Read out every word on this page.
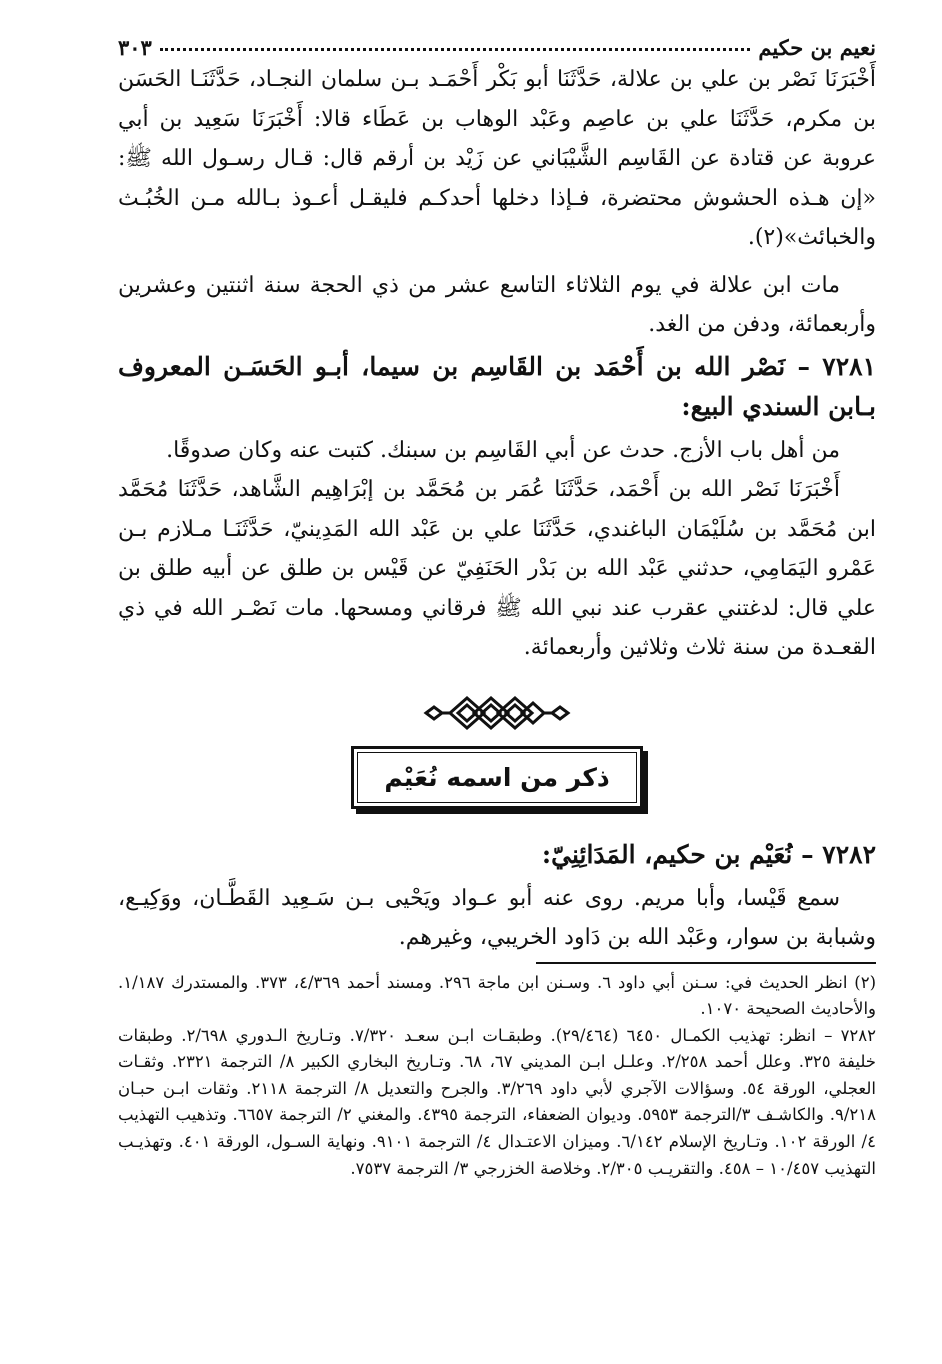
نعيم بن حكيم
٣٠٣

أَخْبَرَنَا نَصْر بن علي بن علالة، حَدَّثَنَا أبو بَكْر أَحْمَـد بـن سلمان النجـاد، حَدَّثَنَـا الحَسَن بن مكرم، حَدَّثَنَا علي بن عاصِم وعَبْد الوهاب بن عَطَاء قالا: أَخْبَرَنَا سَعِيد بن أبي عروبة عن قتادة عن القَاسِم الشَّيْبَاني عن زَيْد بن أرقم قال: قـال رسـول الله ﷺ: «إن هـذه الحشوش محتضرة، فـإذا دخلها أحدكـم فليقـل أعـوذ بـالله مـن الخُبُـث والخبائث»(٢).

مات ابن علالة في يوم الثلاثاء التاسع عشر من ذي الحجة سنة اثنتين وعشرين وأربعمائة، ودفن من الغد.

٧٢٨١ – نَصْر الله بن أَحْمَد بن القَاسِم بن سيما، أبـو الحَسَـن المعروف بـابن السندي البيع:

من أهل باب الأزج. حدث عن أبي القَاسِم بن سبنك. كتبت عنه وكان صدوقًا.

أَخْبَرَنَا نَصْر الله بن أَحْمَد، حَدَّثَنَا عُمَر بن مُحَمَّد بن إبْرَاهِيم الشَّاهد، حَدَّثَنَا مُحَمَّد ابن مُحَمَّد بن سُلَيْمَان الباغندي، حَدَّثَنَا علي بن عَبْد الله المَدِينيّ، حَدَّثَنَـا مـلازم بـن عَمْرو اليَمَامِي، حدثني عَبْد الله بن بَدْر الحَنَفِيّ عن قَيْس بن طلق عن أبيه طلق بن علي قال: لدغتني عقرب عند نبي الله ﷺ فرقاني ومسحها. مات نَصْـر الله في ذي القعـدة من سنة ثلاث وثلاثين وأربعمائة.

ذكر من اسمه نُعَيْم

٧٢٨٢ – نُعَيْم بن حكيم، المَدَائِنِيّ:

سمع قَيْسا، وأبا مريم. روى عنه أبو عـواد ويَحْيى بـن سَـعِيد القَطَّـان، ووَكِيـع، وشبابة بن سوار، وعَبْد الله بن دَاود الخريبي، وغيرهم.

(٢) انظر الحديث في: سـنن أبي داود ٦. وسـنن ابن ماجة ٢٩٦. ومسند أحمد ٤/٣٦٩، ٣٧٣. والمستدرك ١/١٨٧. والأحاديث الصحيحة ١٠٧٠.

٧٢٨٢ – انظر: تهذيب الكمـال ٦٤٥٠ (٢٩/٤٦٤). وطبقـات ابـن سعـد ٧/٣٢٠. وتـاريخ الـدوري ٢/٦٩٨. وطبقات خليفة ٣٢٥. وعلل أحمد ٢/٢٥٨. وعلـل ابـن المديني ٦٧، ٦٨. وتـاريخ البخاري الكبير ٨/ الترجمة ٢٣٢١. وثقـات العجلي، الورقة ٥٤. وسؤالات الآجري لأبي داود ٣/٢٦٩. والجرح والتعديل ٨/ الترجمة ٢١١٨. وثقات ابـن حبـان ٩/٢١٨. والكاشـف ٣/الترجمة ٥٩٥٣. وديوان الضعفاء، الترجمة ٤٣٩٥. والمغني ٢/ الترجمة ٦٦٥٧. وتذهيب التهذيب ٤/ الورقة ١٠٢. وتـاريخ الإسلام ٦/١٤٢. وميزان الاعتـدال ٤/ الترجمة ٩١٠١. ونهاية السـول، الورقة ٤٠١. وتهذيـب التهذيب ١٠/٤٥٧ – ٤٥٨. والتقريـب ٢/٣٠٥. وخلاصة الخزرجي ٣/ الترجمة ٧٥٣٧.
